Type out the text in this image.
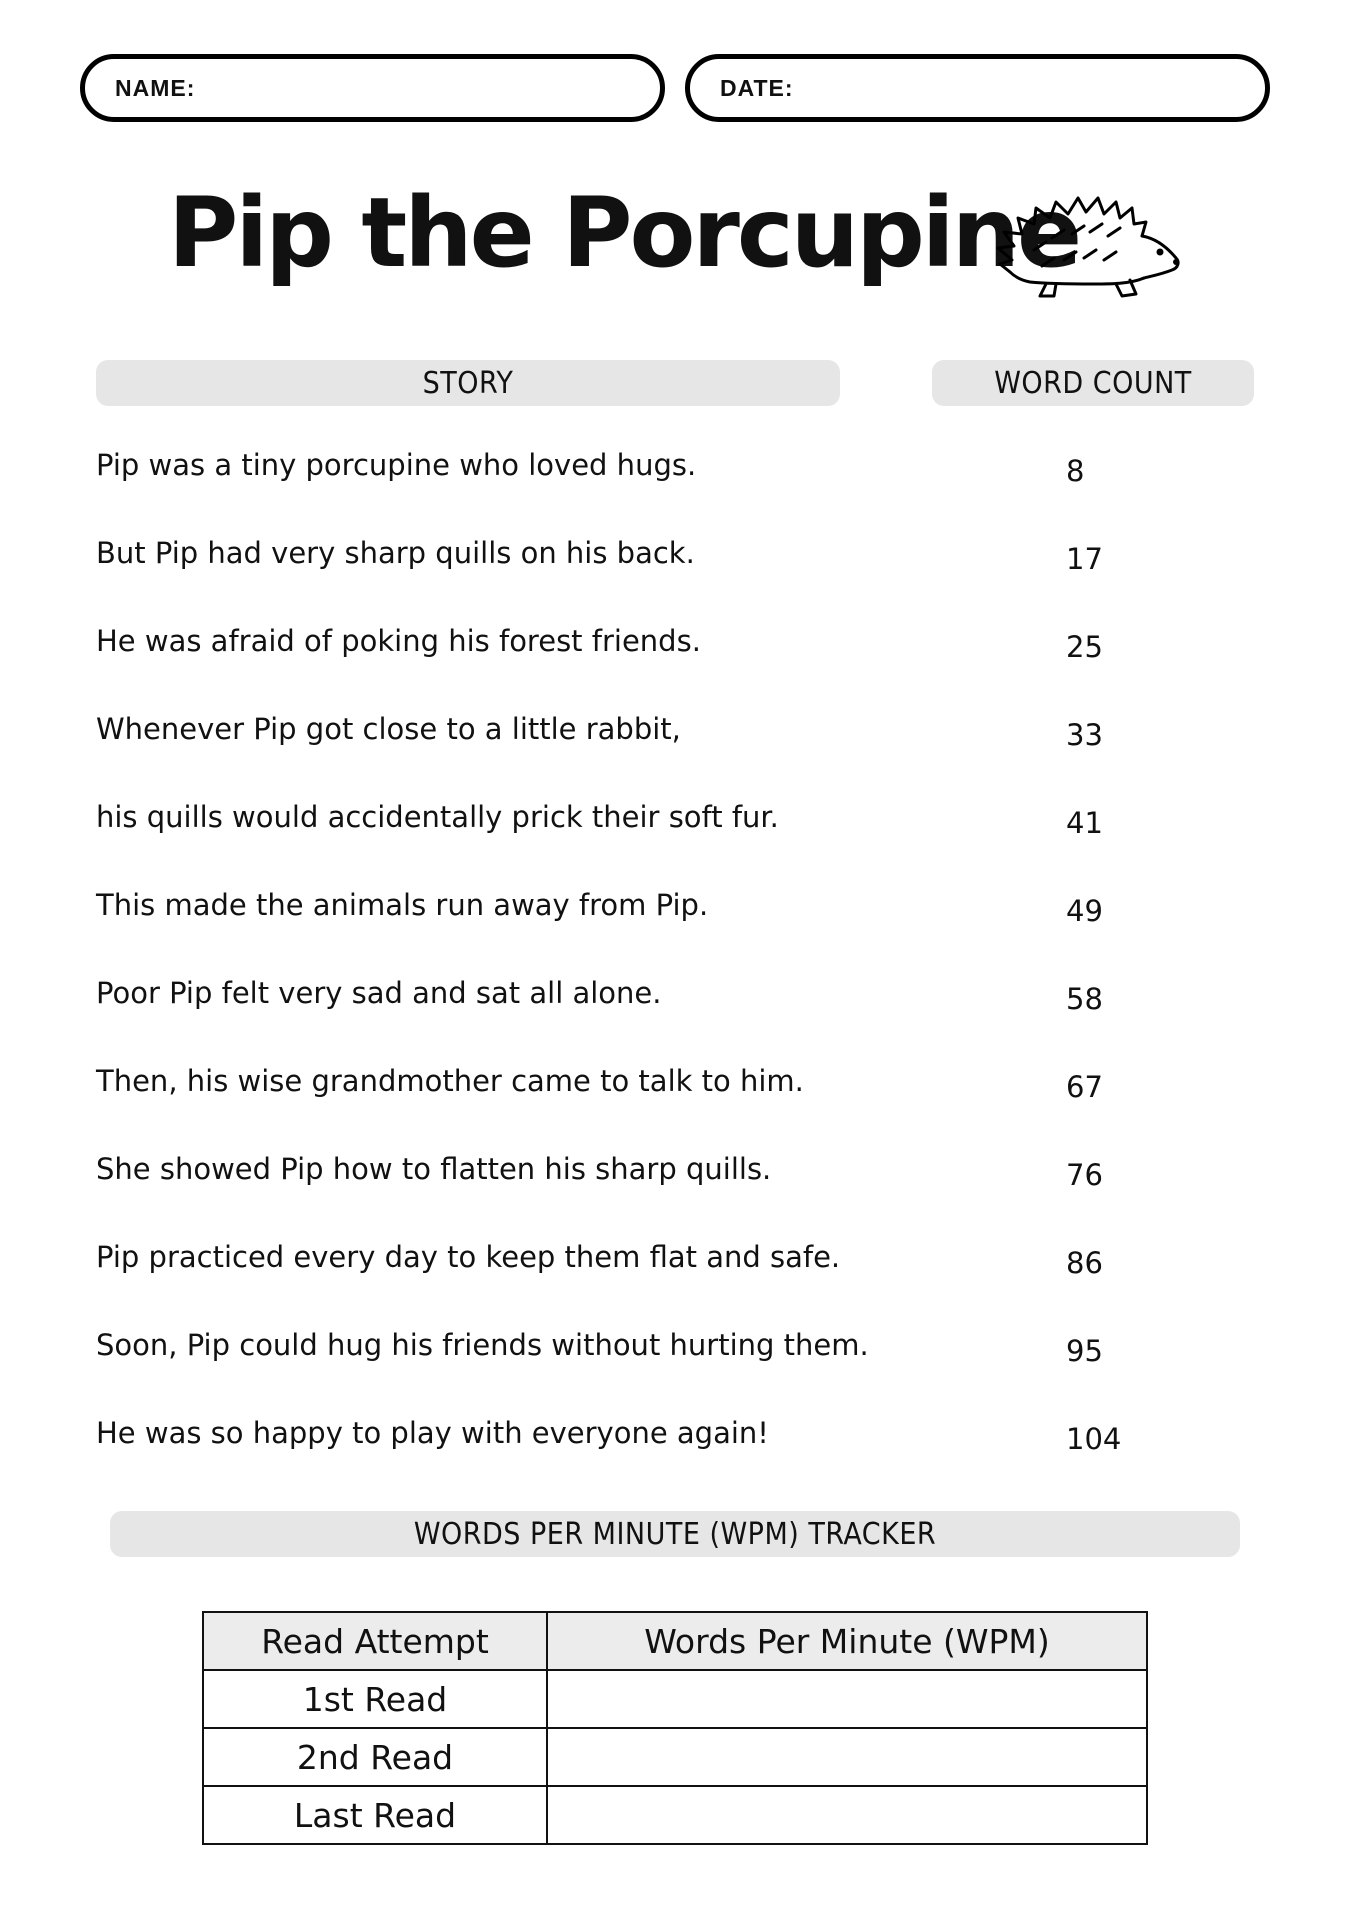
NAME:	DATE:
Pip the Porcupine
STORY	WORD COUNT
Pip was a tiny porcupine who loved hugs.	8
But Pip had very sharp quills on his back.	17
He was afraid of poking his forest friends.	25
Whenever Pip got close to a little rabbit,	33
his quills would accidentally prick their soft fur.	41
This made the animals run away from Pip.	49
Poor Pip felt very sad and sat all alone.	58
Then, his wise grandmother came to talk to him.	67
She showed Pip how to flatten his sharp quills.	76
Pip practiced every day to keep them flat and safe.	86
Soon, Pip could hug his friends without hurting them.	95
He was so happy to play with everyone again!	104
WORDS PER MINUTE (WPM) TRACKER
Read Attempt	Words Per Minute (WPM)
1st Read	
2nd Read	
Last Read	
